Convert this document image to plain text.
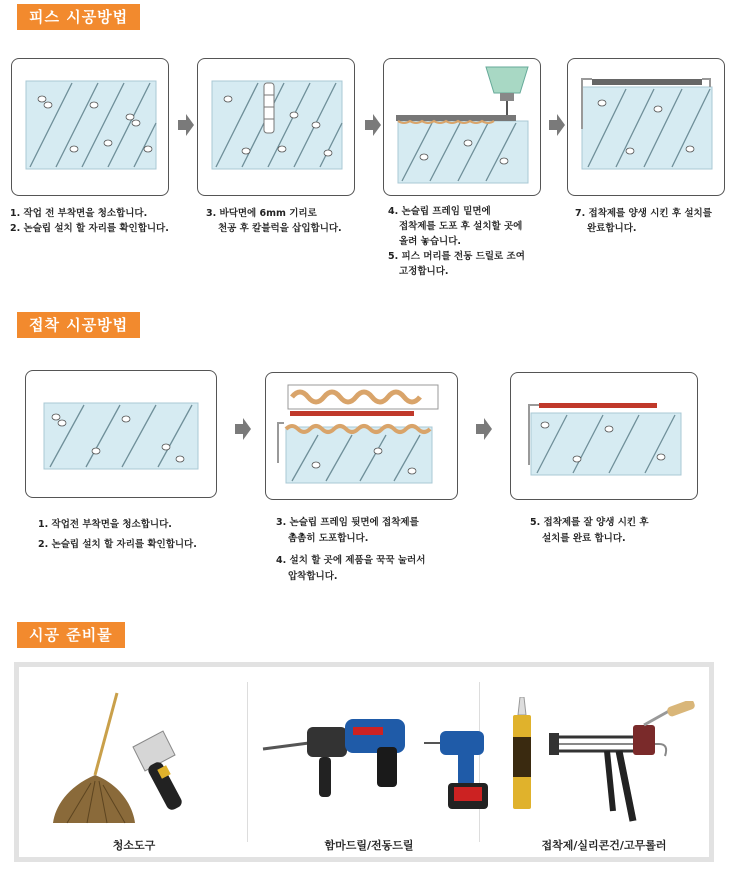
피스 시공방법
1. 작업 전 부착면을 청소합니다.
2. 논슬립 설치 할 자리를 확인합니다.
3. 바닥면에 6mm 기리로
천공 후 칼블럭을 삽입합니다.
4. 논슬립 프레임 밑면에
접착제를 도포 후 설치할 곳에
올려 놓습니다.
5. 피스 머리를 전동 드릴로 조여
고정합니다.
7. 접착제를 양생 시킨 후 설치를
완료합니다.
접착 시공방법
1. 작업전 부착면을 청소합니다.
2. 논슬립 설치 할 자리를 확인합니다.
3. 논슬립 프레임 뒷면에 접착제를
촘촘히 도포합니다.
4. 설치 할 곳에 제품을 꾹꾹 눌러서
압착합니다.
5. 접착제를 잘 양생 시킨 후
설치를 완료 합니다.
시공 준비물
청소도구	함마드릴/전동드릴	접착제/실리콘건/고무롤러
